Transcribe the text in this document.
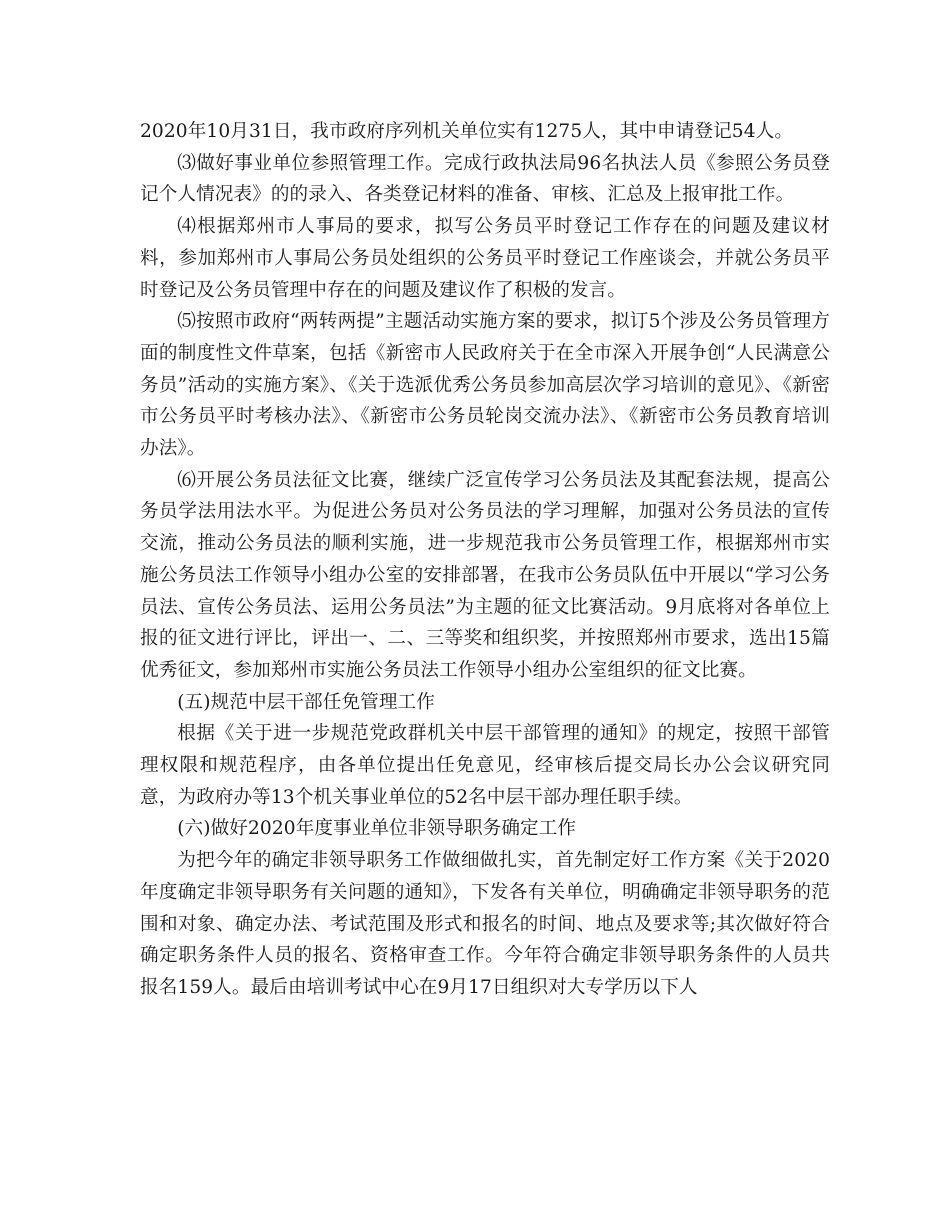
2020年10月31日，我市政府序列机关单位实有1275人，其中申请登记54人。

⑶做好事业单位参照管理工作。完成行政执法局96名执法人员《参照公务员登记个人情况表》的的录入、各类登记材料的准备、审核、汇总及上报审批工作。

⑷根据郑州市人事局的要求，拟写公务员平时登记工作存在的问题及建议材料，参加郑州市人事局公务员处组织的公务员平时登记工作座谈会，并就公务员平时登记及公务员管理中存在的问题及建议作了积极的发言。

⑸按照市政府“两转两提”主题活动实施方案的要求，拟订5个涉及公务员管理方面的制度性文件草案，包括《新密市人民政府关于在全市深入开展争创“人民满意公务员”活动的实施方案》、《关于选派优秀公务员参加高层次学习培训的意见》、《新密市公务员平时考核办法》、《新密市公务员轮岗交流办法》、《新密市公务员教育培训办法》。

⑹开展公务员法征文比赛，继续广泛宣传学习公务员法及其配套法规，提高公务员学法用法水平。为促进公务员对公务员法的学习理解，加强对公务员法的宣传交流，推动公务员法的顺利实施，进一步规范我市公务员管理工作，根据郑州市实施公务员法工作领导小组办公室的安排部署，在我市公务员队伍中开展以“学习公务员法、宣传公务员法、运用公务员法”为主题的征文比赛活动。9月底将对各单位上报的征文进行评比，评出一、二、三等奖和组织奖，并按照郑州市要求，选出15篇优秀征文，参加郑州市实施公务员法工作领导小组办公室组织的征文比赛。

(五)规范中层干部任免管理工作

根据《关于进一步规范党政群机关中层干部管理的通知》的规定，按照干部管理权限和规范程序，由各单位提出任免意见，经审核后提交局长办公会议研究同意，为政府办等13个机关事业单位的52名中层干部办理任职手续。

(六)做好2020年度事业单位非领导职务确定工作

为把今年的确定非领导职务工作做细做扎实，首先制定好工作方案《关于2020年度确定非领导职务有关问题的通知》，下发各有关单位，明确确定非领导职务的范围和对象、确定办法、考试范围及形式和报名的时间、地点及要求等;其次做好符合确定职务条件人员的报名、资格审查工作。今年符合确定非领导职务条件的人员共报名159人。最后由培训考试中心在9月17日组织对大专学历以下人
